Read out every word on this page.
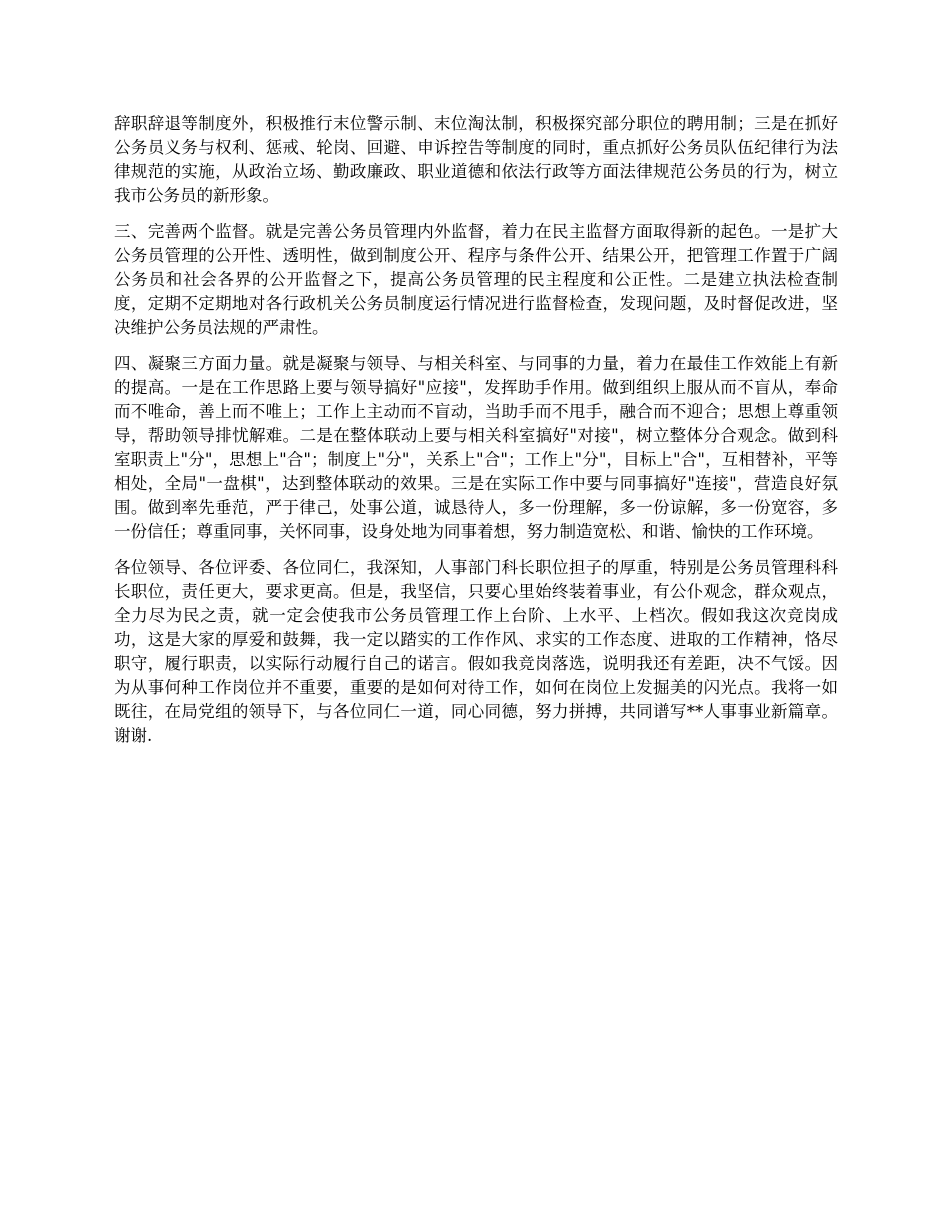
辞职辞退等制度外，积极推行末位警示制、末位淘汰制，积极探究部分职位的聘用制；三是在抓好公务员义务与权利、惩戒、轮岗、回避、申诉控告等制度的同时，重点抓好公务员队伍纪律行为法律规范的实施，从政治立场、勤政廉政、职业道德和依法行政等方面法律规范公务员的行为，树立我市公务员的新形象。

三、完善两个监督。就是完善公务员管理内外监督，着力在民主监督方面取得新的起色。一是扩大公务员管理的公开性、透明性，做到制度公开、程序与条件公开、结果公开，把管理工作置于广阔公务员和社会各界的公开监督之下，提高公务员管理的民主程度和公正性。二是建立执法检查制度，定期不定期地对各行政机关公务员制度运行情况进行监督检查，发现问题，及时督促改进，坚决维护公务员法规的严肃性。

四、凝聚三方面力量。就是凝聚与领导、与相关科室、与同事的力量，着力在最佳工作效能上有新的提高。一是在工作思路上要与领导搞好"应接"，发挥助手作用。做到组织上服从而不盲从，奉命而不唯命，善上而不唯上；工作上主动而不盲动，当助手而不甩手，融合而不迎合；思想上尊重领导，帮助领导排忧解难。二是在整体联动上要与相关科室搞好"对接"，树立整体分合观念。做到科室职责上"分"，思想上"合"；制度上"分"，关系上"合"；工作上"分"，目标上"合"，互相替补，平等相处，全局"一盘棋"，达到整体联动的效果。三是在实际工作中要与同事搞好"连接"，营造良好氛围。做到率先垂范，严于律己，处事公道，诚恳待人，多一份理解，多一份谅解，多一份宽容，多一份信任；尊重同事，关怀同事，设身处地为同事着想，努力制造宽松、和谐、愉快的工作环境。

各位领导、各位评委、各位同仁，我深知，人事部门科长职位担子的厚重，特别是公务员管理科科长职位，责任更大，要求更高。但是，我坚信，只要心里始终装着事业，有公仆观念，群众观点，全力尽为民之责，就一定会使我市公务员管理工作上台阶、上水平、上档次。假如我这次竞岗成功，这是大家的厚爱和鼓舞，我一定以踏实的工作作风、求实的工作态度、进取的工作精神，恪尽职守，履行职责，以实际行动履行自己的诺言。假如我竞岗落选，说明我还有差距，决不气馁。因为从事何种工作岗位并不重要，重要的是如何对待工作，如何在岗位上发掘美的闪光点。我将一如既往，在局党组的领导下，与各位同仁一道，同心同德，努力拼搏，共同谱写**人事事业新篇章。谢谢.
